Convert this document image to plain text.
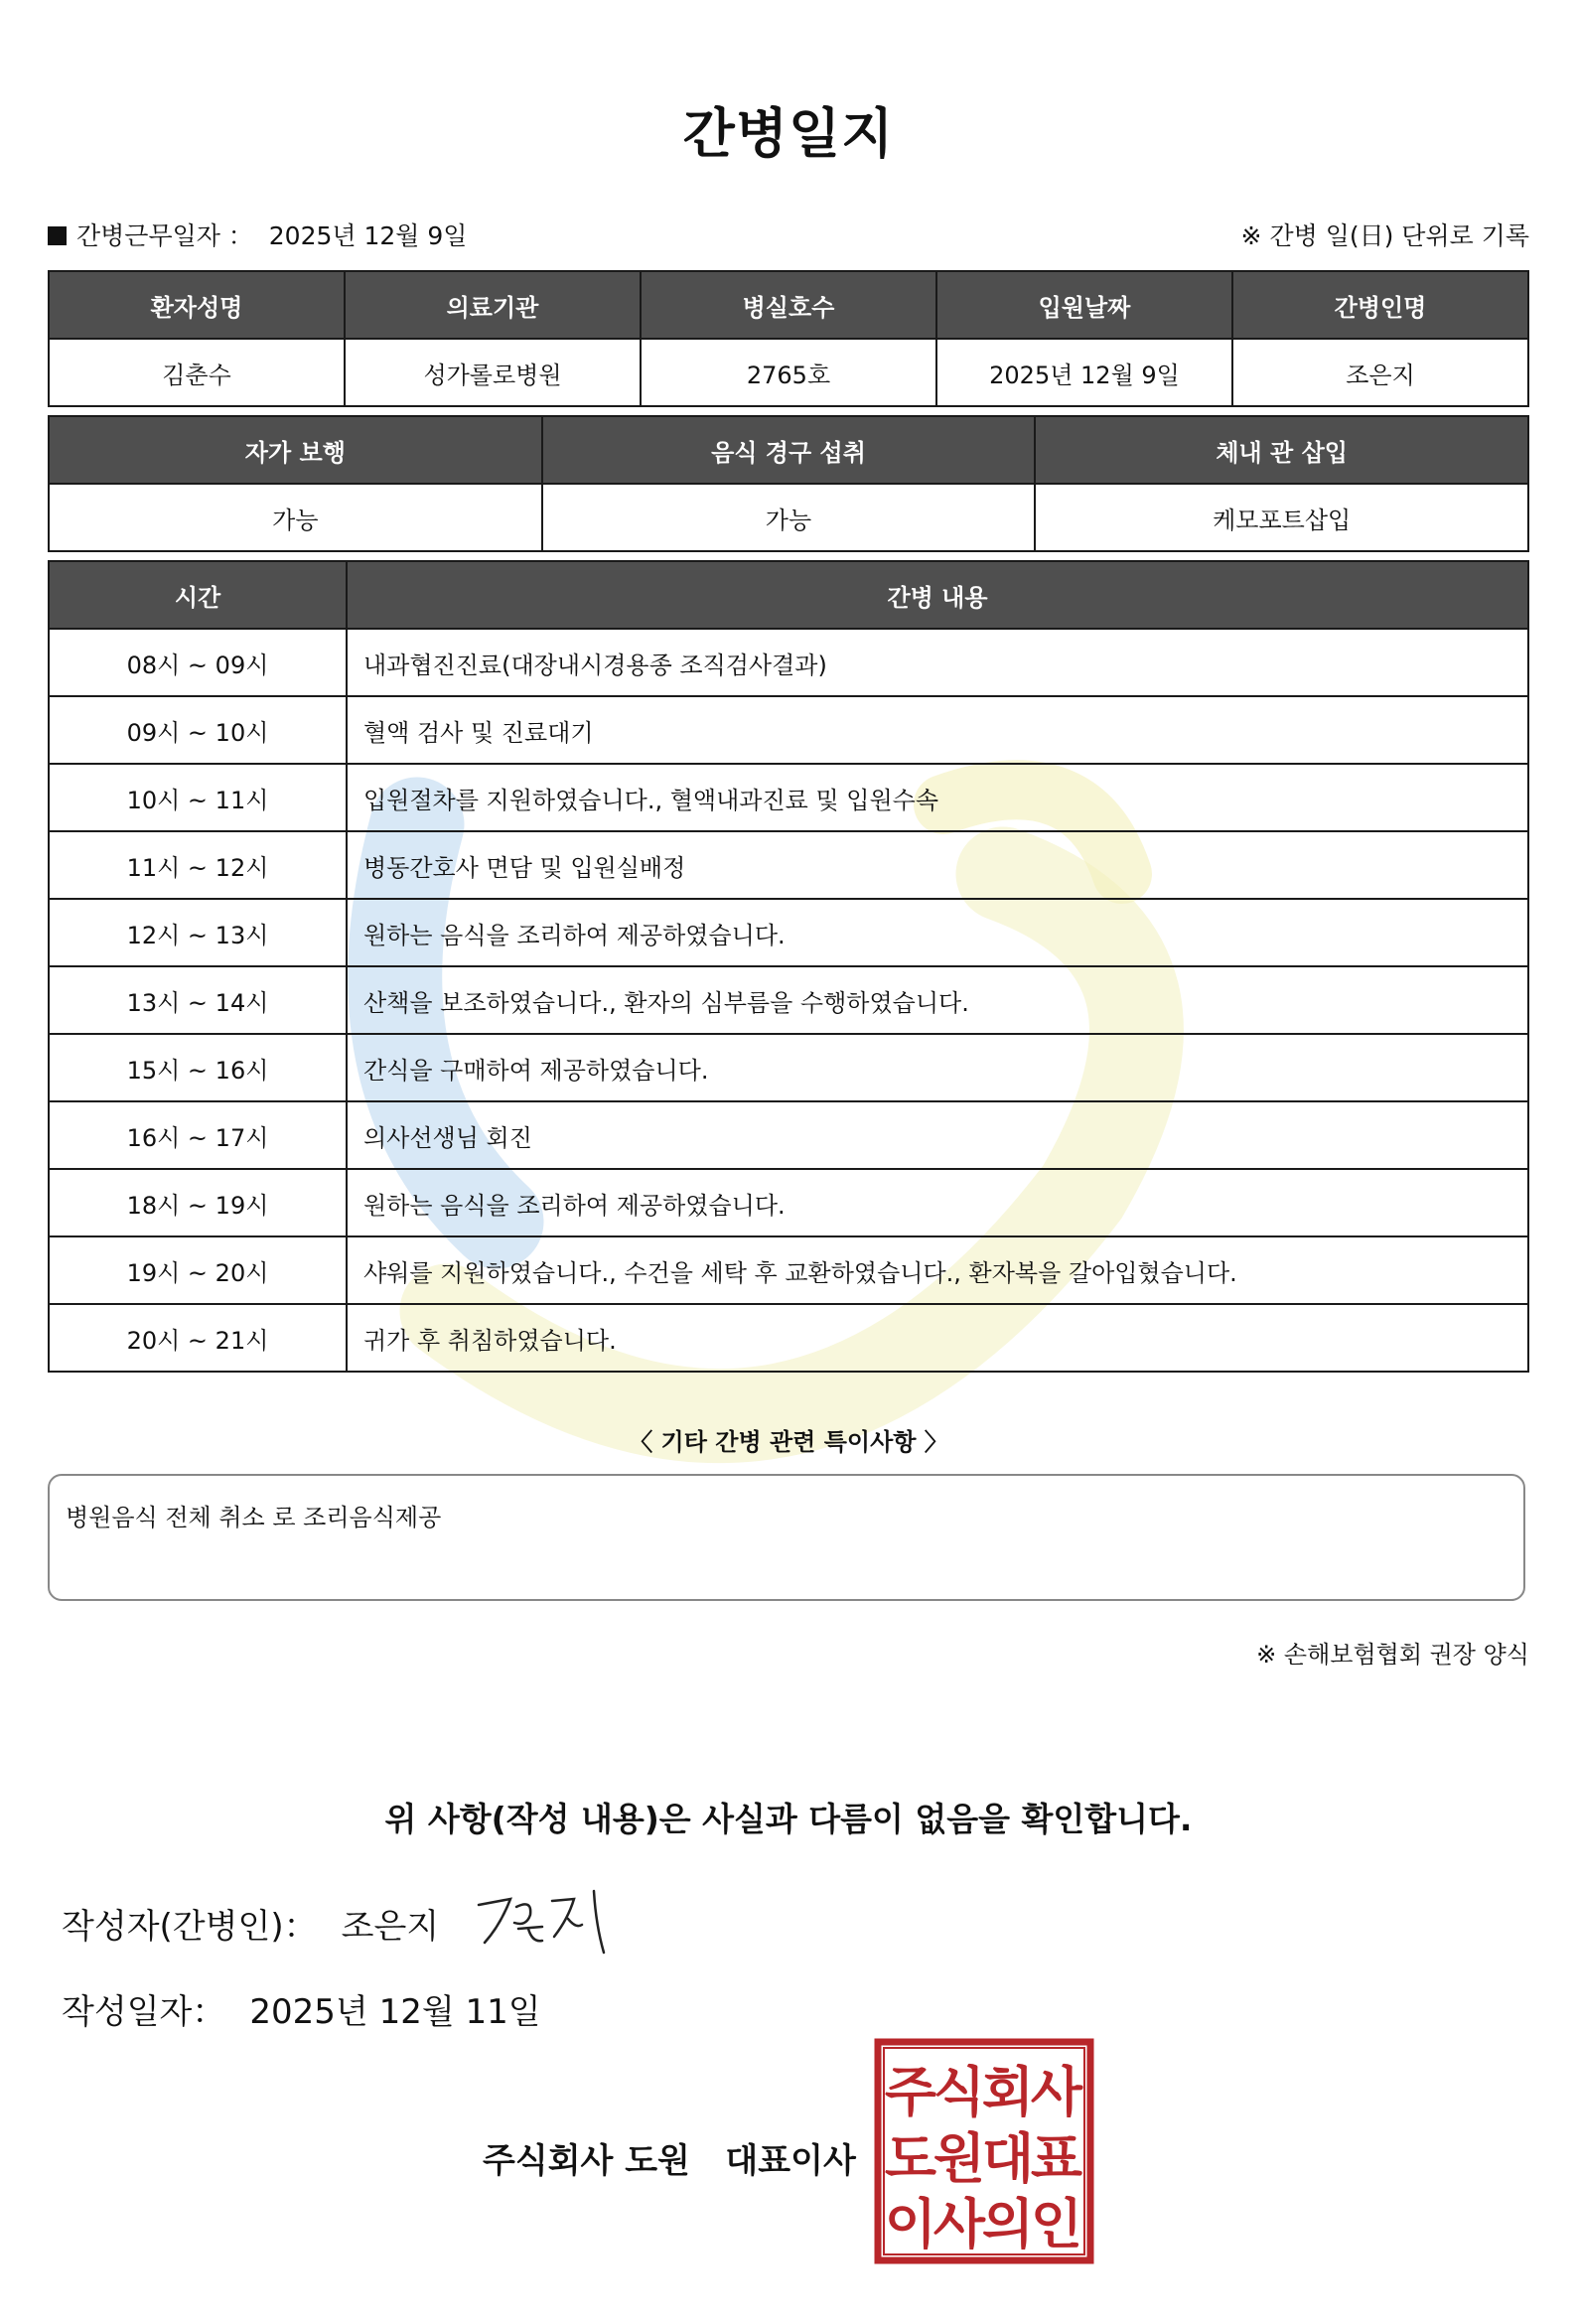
간병일지
간병근무일자 ： 2025년 12월 9일	※ 간병 일(日) 단위로 기록
환자성명	의료기관	병실호수	입원날짜	간병인명
김춘수	성가롤로병원	2765호	2025년 12월 9일	조은지
자가 보행	음식 경구 섭취	체내 관 삽입
가능	가능	케모포트삽입
시간	간병 내용
08시 ~ 09시	내과협진진료(대장내시경용종 조직검사결과)
09시 ~ 10시	혈액 검사 및 진료대기
10시 ~ 11시	입원절차를 지원하였습니다., 혈액내과진료 및 입원수속
11시 ~ 12시	병동간호사 면담 및 입원실배정
12시 ~ 13시	원하는 음식을 조리하여 제공하였습니다.
13시 ~ 14시	산책을 보조하였습니다., 환자의 심부름을 수행하였습니다.
15시 ~ 16시	간식을 구매하여 제공하였습니다.
16시 ~ 17시	의사선생님 회진
18시 ~ 19시	원하는 음식을 조리하여 제공하였습니다.
19시 ~ 20시	샤워를 지원하였습니다., 수건을 세탁 후 교환하였습니다., 환자복을 갈아입혔습니다.
20시 ~ 21시	귀가 후 취침하였습니다.
〈 기타 간병 관련 특이사항 〉
병원음식 전체 취소 로 조리음식제공
※ 손해보험협회 권장 양식
위 사항(작성 내용)은 사실과 다름이 없음을 확인합니다.
작성자(간병인)： 조은지
작성일자： 2025년 12월 11일
주식회사 도원   대표이사
주
식
회
사
도
원
대
표
이
사
의
인
